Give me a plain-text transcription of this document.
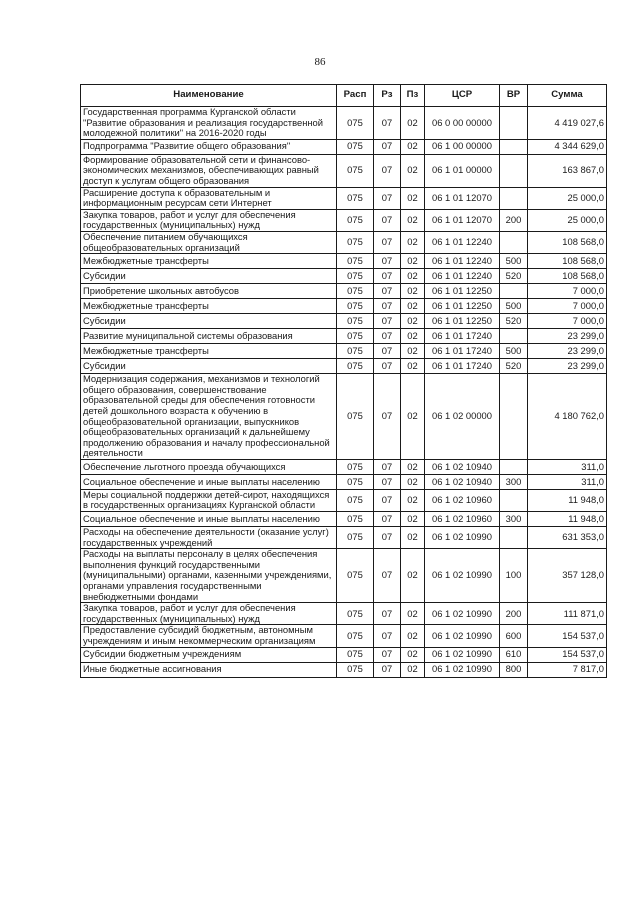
86
Наименование	Расп	Рз	Пз	ЦСР	ВР	Сумма
Государственная программа Курганской области "Развитие образования и реализация государственной молодежной политики" на 2016-2020 годы	075	07	02	06 0 00 00000		4 419 027,6
Подпрограмма "Развитие общего образования"	075	07	02	06 1 00 00000		4 344 629,0
Формирование образовательной сети и финансово-экономических механизмов, обеспечивающих равный доступ к услугам общего образования	075	07	02	06 1 01 00000		163 867,0
Расширение доступа к образовательным и информационным ресурсам сети Интернет	075	07	02	06 1 01 12070		25 000,0
Закупка товаров, работ и услуг для обеспечения государственных (муниципальных) нужд	075	07	02	06 1 01 12070	200	25 000,0
Обеспечение питанием обучающихся общеобразовательных организаций	075	07	02	06 1 01 12240		108 568,0
Межбюджетные трансферты	075	07	02	06 1 01 12240	500	108 568,0
Субсидии	075	07	02	06 1 01 12240	520	108 568,0
Приобретение школьных автобусов	075	07	02	06 1 01 12250		7 000,0
Межбюджетные трансферты	075	07	02	06 1 01 12250	500	7 000,0
Субсидии	075	07	02	06 1 01 12250	520	7 000,0
Развитие муниципальной системы образования	075	07	02	06 1 01 17240		23 299,0
Межбюджетные трансферты	075	07	02	06 1 01 17240	500	23 299,0
Субсидии	075	07	02	06 1 01 17240	520	23 299,0
Модернизация содержания, механизмов и технологий общего образования, совершенствование образовательной среды для обеспечения готовности детей дошкольного возраста к обучению в общеобразовательной организации, выпускников общеобразовательных организаций к дальнейшему продолжению образования и началу профессиональной деятельности	075	07	02	06 1 02 00000		4 180 762,0
Обеспечение льготного проезда обучающихся	075	07	02	06 1 02 10940		311,0
Социальное обеспечение и иные выплаты населению	075	07	02	06 1 02 10940	300	311,0
Меры социальной поддержки детей-сирот, находящихся в государственных организациях Курганской области	075	07	02	06 1 02 10960		11 948,0
Социальное обеспечение и иные выплаты населению	075	07	02	06 1 02 10960	300	11 948,0
Расходы на обеспечение деятельности (оказание услуг) государственных учреждений	075	07	02	06 1 02 10990		631 353,0
Расходы на выплаты персоналу в целях обеспечения выполнения функций государственными (муниципальными) органами, казенными учреждениями, органами управления государственными внебюджетными фондами	075	07	02	06 1 02 10990	100	357 128,0
Закупка товаров, работ и услуг для обеспечения государственных (муниципальных) нужд	075	07	02	06 1 02 10990	200	111 871,0
Предоставление субсидий бюджетным, автономным учреждениям и иным некоммерческим организациям	075	07	02	06 1 02 10990	600	154 537,0
Субсидии бюджетным учреждениям	075	07	02	06 1 02 10990	610	154 537,0
Иные бюджетные ассигнования	075	07	02	06 1 02 10990	800	7 817,0
